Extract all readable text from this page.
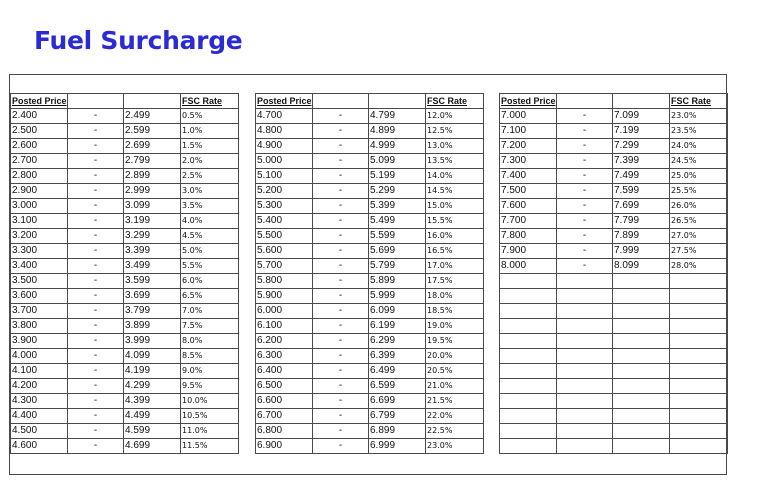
Fuel Surcharge
Posted Price			FSC Rate
2.400	-	2.499	0.5%
2.500	-	2.599	1.0%
2.600	-	2.699	1.5%
2.700	-	2.799	2.0%
2.800	-	2.899	2.5%
2.900	-	2.999	3.0%
3.000	-	3.099	3.5%
3.100	-	3.199	4.0%
3.200	-	3.299	4.5%
3.300	-	3.399	5.0%
3.400	-	3.499	5.5%
3.500	-	3.599	6.0%
3.600	-	3.699	6.5%
3.700	-	3.799	7.0%
3.800	-	3.899	7.5%
3.900	-	3.999	8.0%
4.000	-	4.099	8.5%
4.100	-	4.199	9.0%
4.200	-	4.299	9.5%
4.300	-	4.399	10.0%
4.400	-	4.499	10.5%
4.500	-	4.599	11.0%
4.600	-	4.699	11.5%
Posted Price			FSC Rate
4.700	-	4.799	12.0%
4.800	-	4.899	12.5%
4.900	-	4.999	13.0%
5.000	-	5.099	13.5%
5.100	-	5.199	14.0%
5.200	-	5.299	14.5%
5.300	-	5.399	15.0%
5.400	-	5.499	15.5%
5.500	-	5.599	16.0%
5.600	-	5.699	16.5%
5.700	-	5.799	17.0%
5.800	-	5.899	17.5%
5.900	-	5.999	18.0%
6.000	-	6.099	18.5%
6.100	-	6.199	19.0%
6.200	-	6.299	19.5%
6.300	-	6.399	20.0%
6.400	-	6.499	20.5%
6.500	-	6.599	21.0%
6.600	-	6.699	21.5%
6.700	-	6.799	22.0%
6.800	-	6.899	22.5%
6.900	-	6.999	23.0%
Posted Price			FSC Rate
7.000	-	7.099	23.0%
7.100	-	7.199	23.5%
7.200	-	7.299	24.0%
7.300	-	7.399	24.5%
7.400	-	7.499	25.0%
7.500	-	7.599	25.5%
7.600	-	7.699	26.0%
7.700	-	7.799	26.5%
7.800	-	7.899	27.0%
7.900	-	7.999	27.5%
8.000	-	8.099	28.0%
